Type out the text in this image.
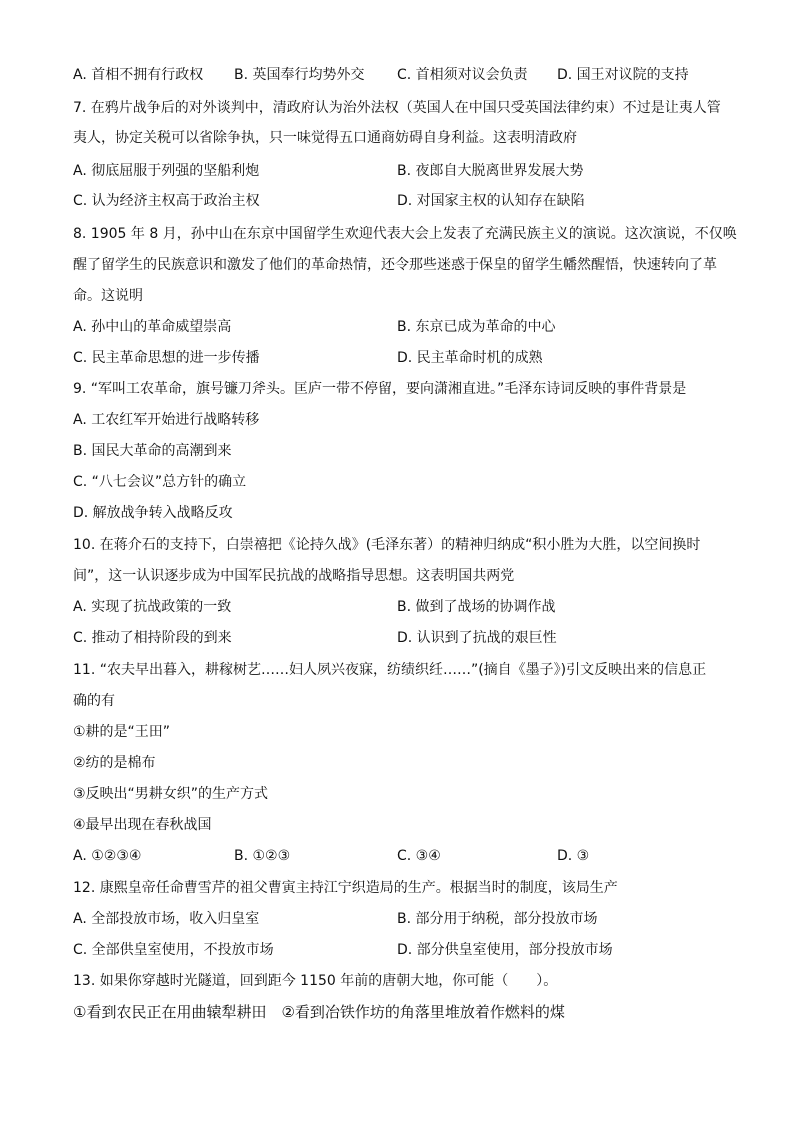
A. 首相不拥有行政权 B. 英国奉行均势外交 C. 首相须对议会负责 D. 国王对议院的支持
7. 在鸦片战争后的对外谈判中，清政府认为治外法权（英国人在中国只受英国法律约束）不过是让夷人管
夷人，协定关税可以省除争执，只一味觉得五口通商妨碍自身利益。这表明清政府
A. 彻底屈服于列强的坚船利炮	B. 夜郎自大脱离世界发展大势
C. 认为经济主权高于政治主权	D. 对国家主权的认知存在缺陷
8. 1905 年 8 月，孙中山在东京中国留学生欢迎代表大会上发表了充满民族主义的演说。这次演说，不仅唤
醒了留学生的民族意识和激发了他们的革命热情，还令那些迷惑于保皇的留学生幡然醒悟，快速转向了革
命。这说明
A. 孙中山的革命威望崇高	B. 东京已成为革命的中心
C. 民主革命思想的进一步传播	D. 民主革命时机的成熟
9. “军叫工农革命，旗号镰刀斧头。匡庐一带不停留，要向潇湘直进。”毛泽东诗词反映的事件背景是
A. 工农红军开始进行战略转移
B. 国民大革命的高潮到来
C. “八七会议”总方针的确立
D. 解放战争转入战略反攻
10. 在蒋介石的支持下，白崇禧把《论持久战》(毛泽东著）的精神归纳成“积小胜为大胜，以空间换时
间”，这一认识逐步成为中国军民抗战的战略指导思想。这表明国共两党
A. 实现了抗战政策的一致	B. 做到了战场的协调作战
C. 推动了相持阶段的到来	D. 认识到了抗战的艰巨性
11. “农夫早出暮入，耕稼树艺……妇人夙兴夜寐，纺绩织纴……”(摘自《墨子》)引文反映出来的信息正
确的有
①耕的是“王田”
②纺的是棉布
③反映出“男耕女织”的生产方式
④最早出现在春秋战国
A. ①②③④	B. ①②③	C. ③④	D. ③
12. 康熙皇帝任命曹雪芹的祖父曹寅主持江宁织造局的生产。根据当时的制度，该局生产
A. 全部投放市场，收入归皇室	B. 部分用于纳税，部分投放市场
C. 全部供皇室使用，不投放市场	D. 部分供皇室使用，部分投放市场
13. 如果你穿越时光隧道，回到距今 1150 年前的唐朝大地，你可能（　　）。
①看到农民正在用曲辕犁耕田　②看到冶铁作坊的角落里堆放着作燃料的煤
